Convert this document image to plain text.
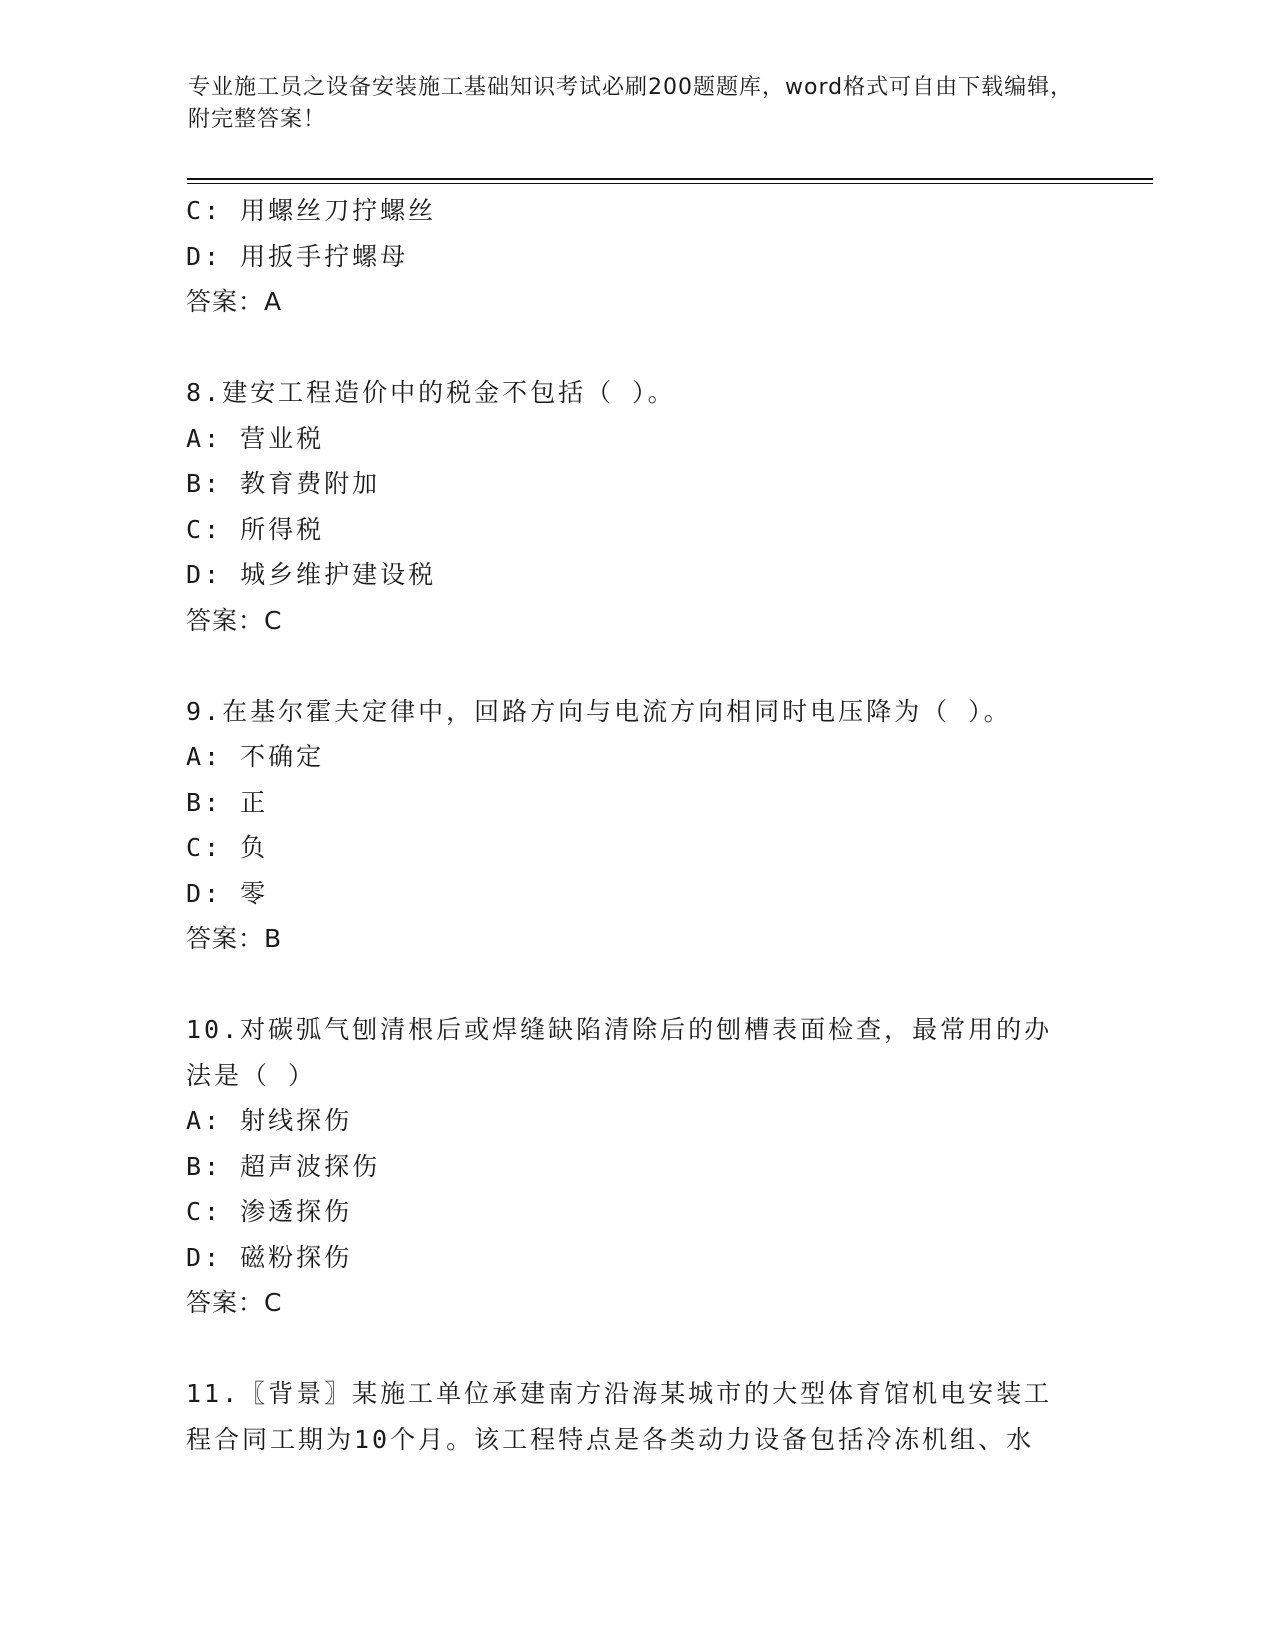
专业施工员之设备安装施工基础知识考试必刷200题题库，word格式可自由下载编辑，附完整答案！
C: 用螺丝刀拧螺丝
D: 用扳手拧螺母
答案：A
8.建安工程造价中的税金不包括（ ）。
A: 营业税
B: 教育费附加
C: 所得税
D: 城乡维护建设税
答案：C
9.在基尔霍夫定律中，回路方向与电流方向相同时电压降为（ ）。
A: 不确定
B: 正
C: 负
D: 零
答案：B
10.对碳弧气刨清根后或焊缝缺陷清除后的刨槽表面检查，最常用的办
法是（ ）
A: 射线探伤
B: 超声波探伤
C: 渗透探伤
D: 磁粉探伤
答案：C
11.〖背景〗某施工单位承建南方沿海某城市的大型体育馆机电安装工
程合同工期为10个月。该工程特点是各类动力设备包括冷冻机组、水
